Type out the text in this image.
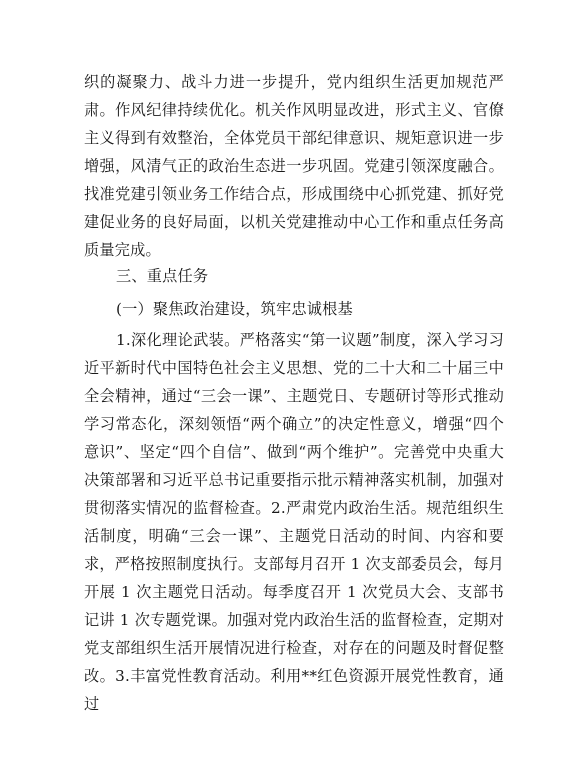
织的凝聚力、战斗力进一步提升，党内组织生活更加规范严肃。作风纪律持续优化。机关作风明显改进，形式主义、官僚主义得到有效整治，全体党员干部纪律意识、规矩意识进一步增强，风清气正的政治生态进一步巩固。党建引领深度融合。找准党建引领业务工作结合点，形成围绕中心抓党建、抓好党建促业务的良好局面，以机关党建推动中心工作和重点任务高质量完成。

三、重点任务

(一）聚焦政治建设，筑牢忠诚根基

1.深化理论武装。严格落实“第一议题”制度，深入学习习近平新时代中国特色社会主义思想、党的二十大和二十届三中全会精神，通过“三会一课”、主题党日、专题研讨等形式推动学习常态化，深刻领悟“两个确立”的决定性意义，增强“四个意识”、坚定“四个自信”、做到“两个维护”。完善党中央重大决策部署和习近平总书记重要指示批示精神落实机制，加强对贯彻落实情况的监督检查。2.严肃党内政治生活。规范组织生活制度，明确“三会一课”、主题党日活动的时间、内容和要求，严格按照制度执行。支部每月召开 1 次支部委员会，每月开展 1 次主题党日活动。每季度召开 1 次党员大会、支部书记讲 1 次专题党课。加强对党内政治生活的监督检查，定期对党支部组织生活开展情况进行检查，对存在的问题及时督促整改。3.丰富党性教育活动。利用**红色资源开展党性教育，通过
